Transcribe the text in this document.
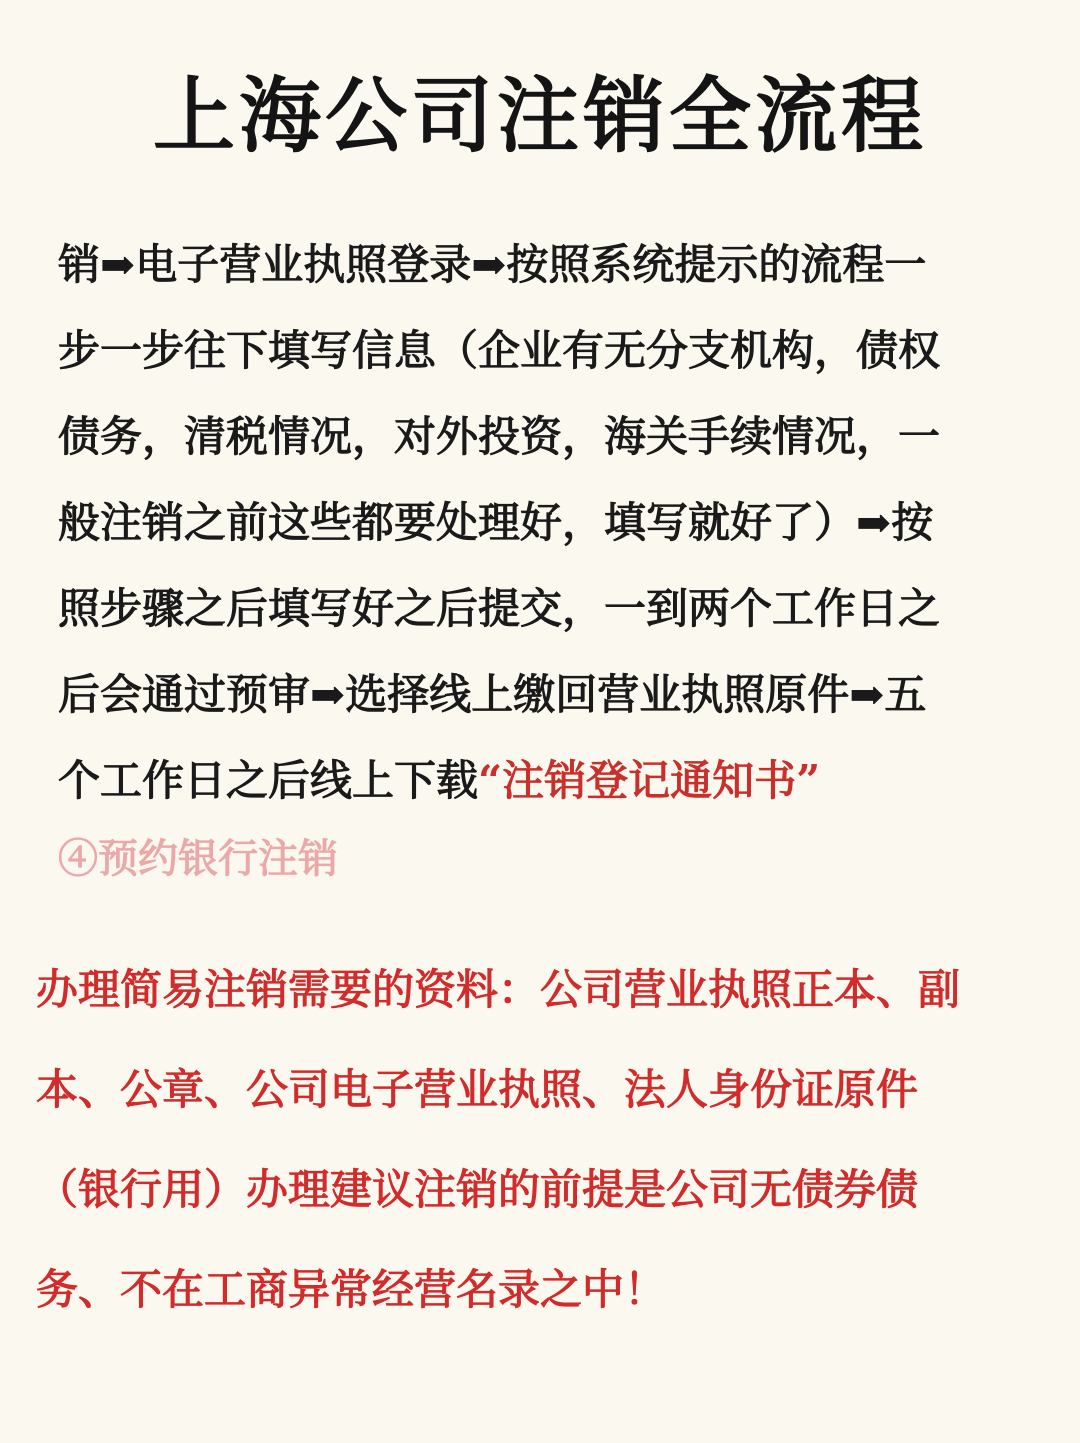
上海公司注销全流程
销➡电子营业执照登录➡按照系统提示的流程一
步一步往下填写信息（企业有无分支机构，债权
债务，清税情况，对外投资，海关手续情况，一
般注销之前这些都要处理好，填写就好了）➡按
照步骤之后填写好之后提交，一到两个工作日之
后会通过预审➡选择线上缴回营业执照原件➡五
个工作日之后线上下载“注销登记通知书”
④预约银行注销
办理简易注销需要的资料：公司营业执照正本、副
本、公章、公司电子营业执照、法人身份证原件
（银行用）办理建议注销的前提是公司无债券债
务、不在工商异常经营名录之中！
